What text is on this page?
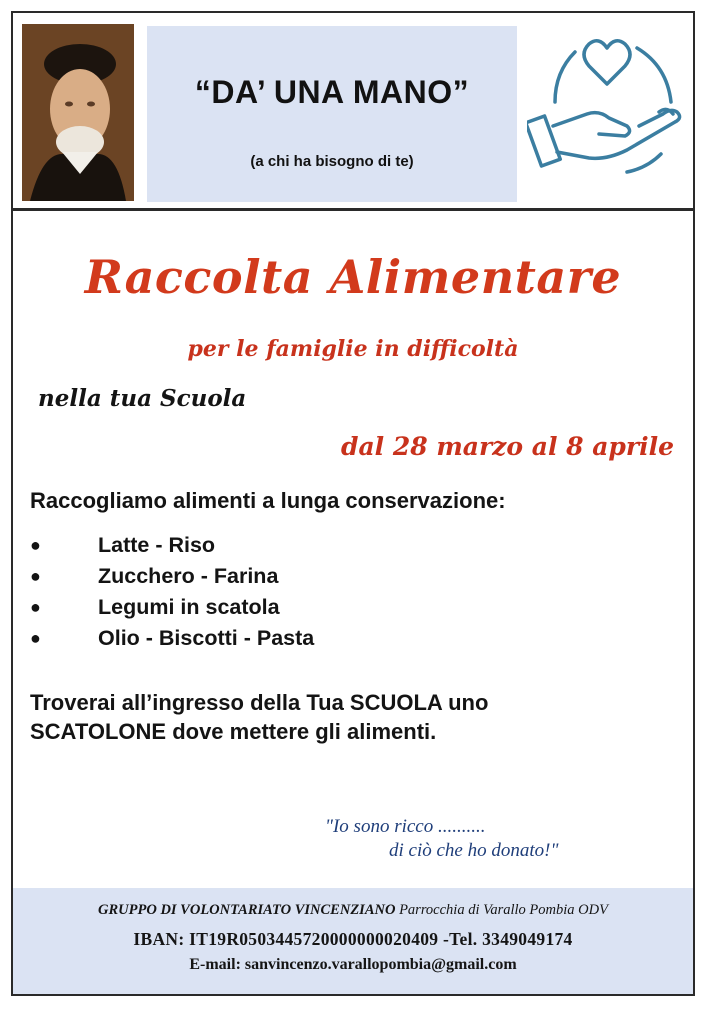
“DA’ UNA MANO”
(a chi ha bisogno di te)
Raccolta Alimentare
per le famiglie in difficoltà
nella tua Scuola
dal 28 marzo al 8 aprile
Raccogliamo alimenti a lunga conservazione:
●	Latte - Riso
●	Zucchero - Farina
●	Legumi in scatola
●	Olio - Biscotti - Pasta
Troverai all’ingresso della Tua SCUOLA uno
SCATOLONE dove mettere gli alimenti.
"Io sono ricco ..........
di ciò che ho donato!"
GRUPPO DI VOLONTARIATO VINCENZIANO Parrocchia di Varallo Pombia ODV
IBAN: IT19R0503445720000000020409 -Tel. 3349049174
E-mail: sanvincenzo.varallopombia@gmail.com
